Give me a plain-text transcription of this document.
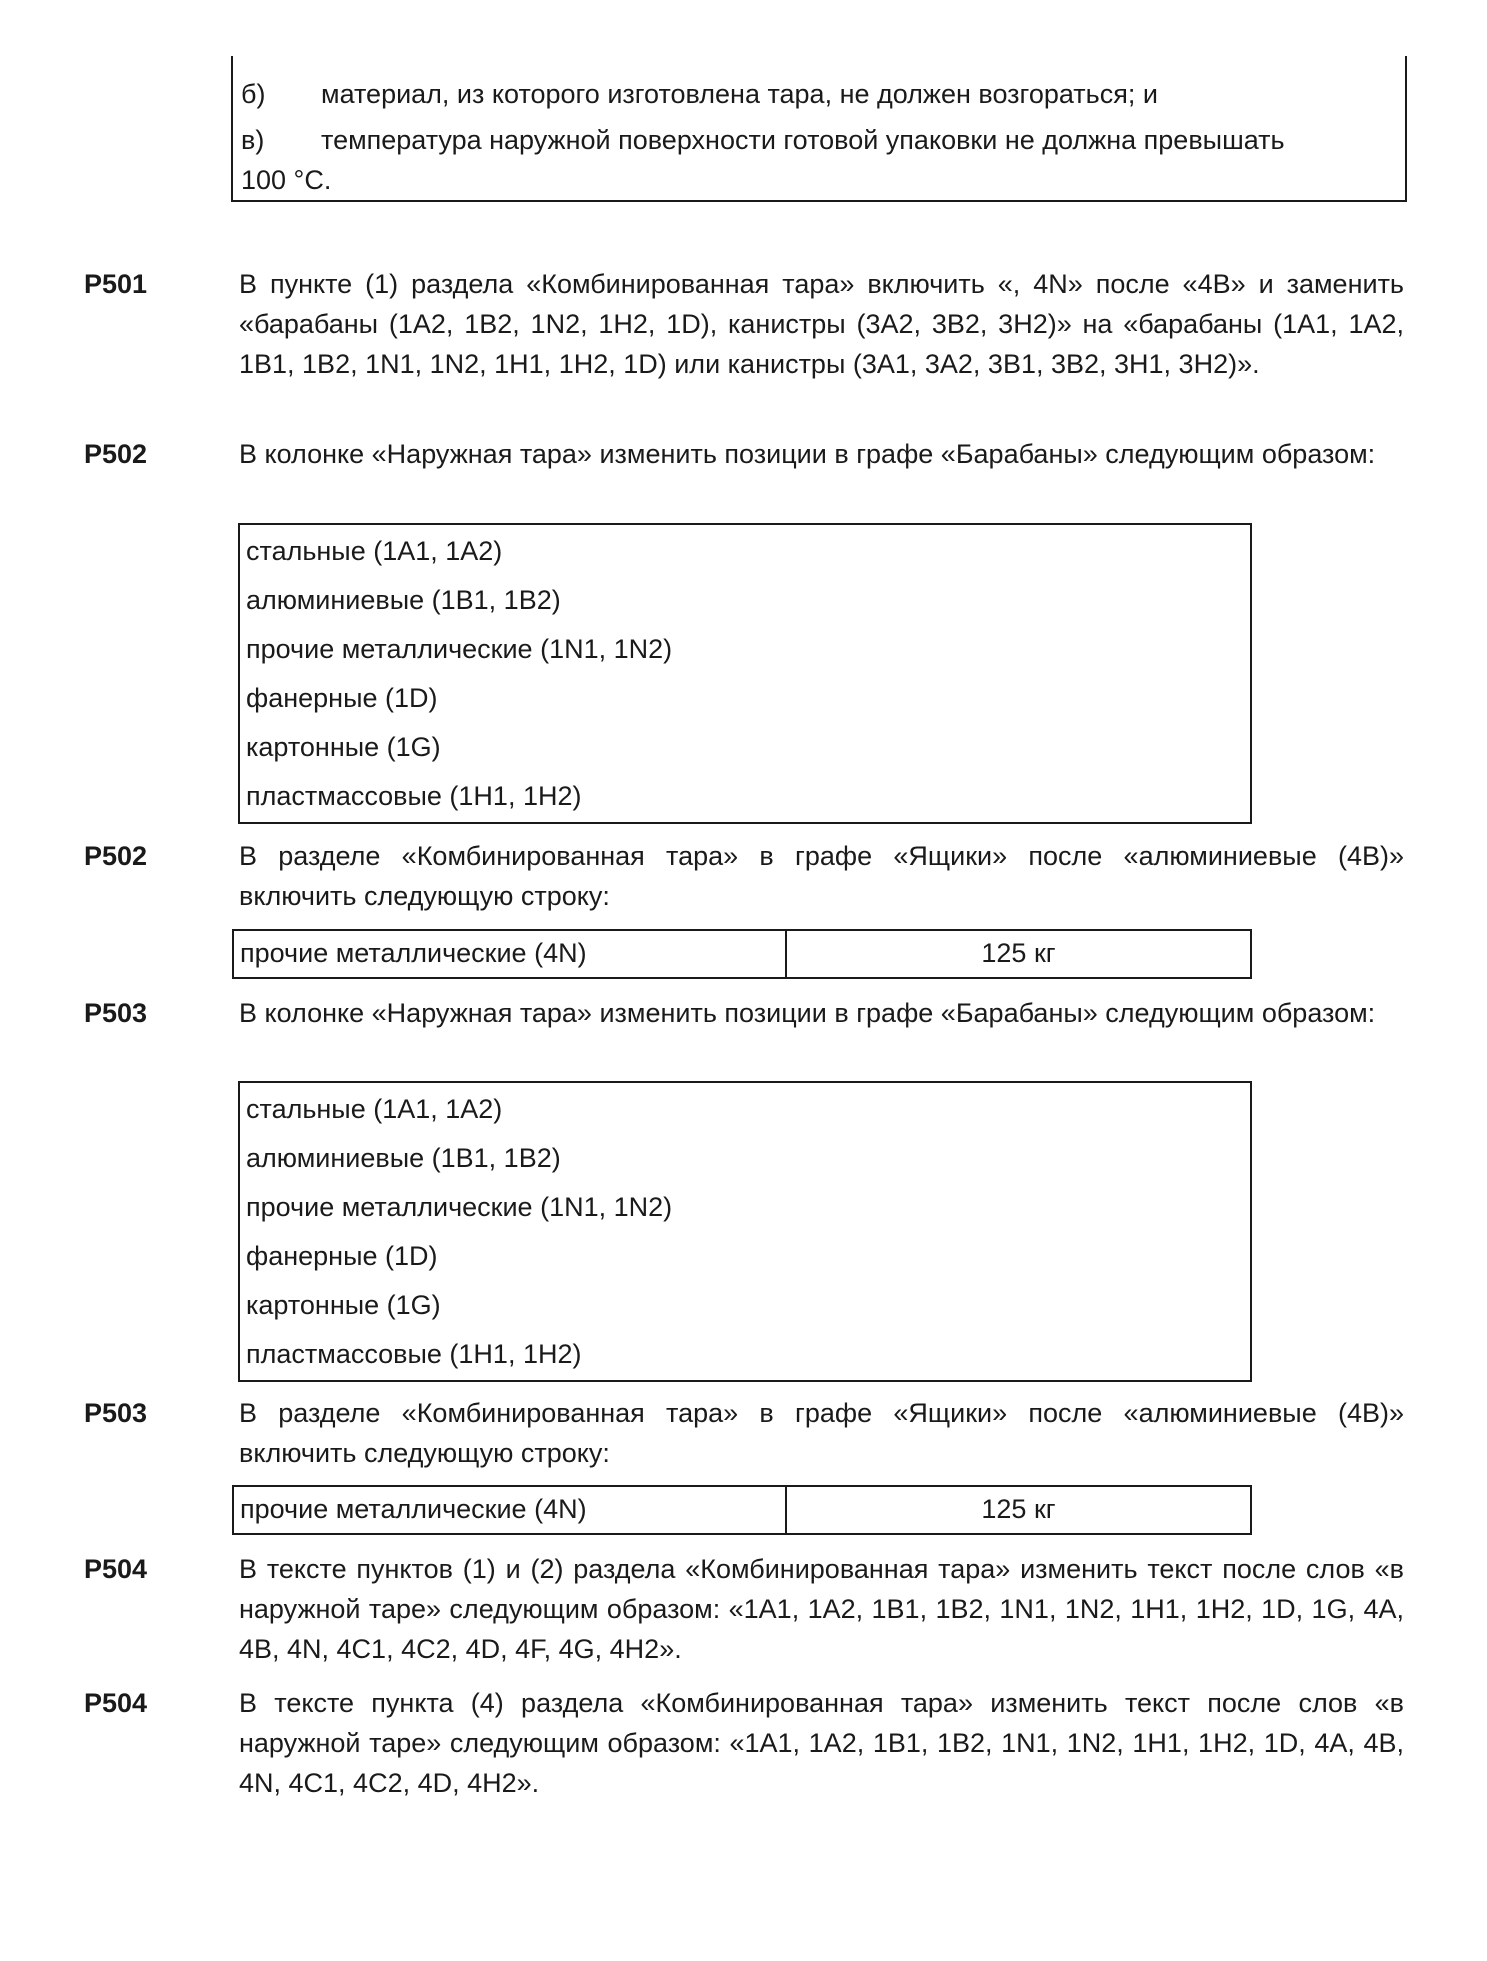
б)	материал, из которого изготовлена тара, не должен возгораться; и
в)	температура наружной поверхности готовой упаковки не должна превышать
100 °C.
P501	В пункте (1) раздела «Комбинированная тара» включить «, 4N» после «4B» и заменить «барабаны (1A2, 1B2, 1N2, 1H2, 1D), канистры (3A2, 3B2, 3H2)» на «барабаны (1A1, 1A2, 1B1, 1B2, 1N1, 1N2, 1H1, 1H2, 1D) или канистры (3A1, 3A2, 3B1, 3B2, 3H1, 3H2)».
P502	В колонке «Наружная тара» изменить позиции в графе «Барабаны» следующим образом:
стальные (1A1, 1A2)
алюминиевые (1B1, 1B2)
прочие металлические (1N1, 1N2)
фанерные (1D)
картонные (1G)
пластмассовые (1H1, 1H2)
P502	В разделе «Комбинированная тара» в графе «Ящики» после «алюминиевые (4B)» включить следующую строку:
прочие металлические (4N)	125 кг
P503	В колонке «Наружная тара» изменить позиции в графе «Барабаны» следующим образом:
стальные (1A1, 1A2)
алюминиевые (1B1, 1B2)
прочие металлические (1N1, 1N2)
фанерные (1D)
картонные (1G)
пластмассовые (1H1, 1H2)
P503	В разделе «Комбинированная тара» в графе «Ящики» после «алюминиевые (4B)» включить следующую строку:
прочие металлические (4N)	125 кг
P504	В тексте пунктов (1) и (2) раздела «Комбинированная тара» изменить текст после слов «в наружной таре» следующим образом: «1A1, 1A2, 1B1, 1B2, 1N1, 1N2, 1H1, 1H2, 1D, 1G, 4A, 4B, 4N, 4C1, 4C2, 4D, 4F, 4G, 4H2».
P504	В тексте пункта (4) раздела «Комбинированная тара» изменить текст после слов «в наружной таре» следующим образом: «1A1, 1A2, 1B1, 1B2, 1N1, 1N2, 1H1, 1H2, 1D, 4A, 4B, 4N, 4C1, 4C2, 4D, 4H2».
